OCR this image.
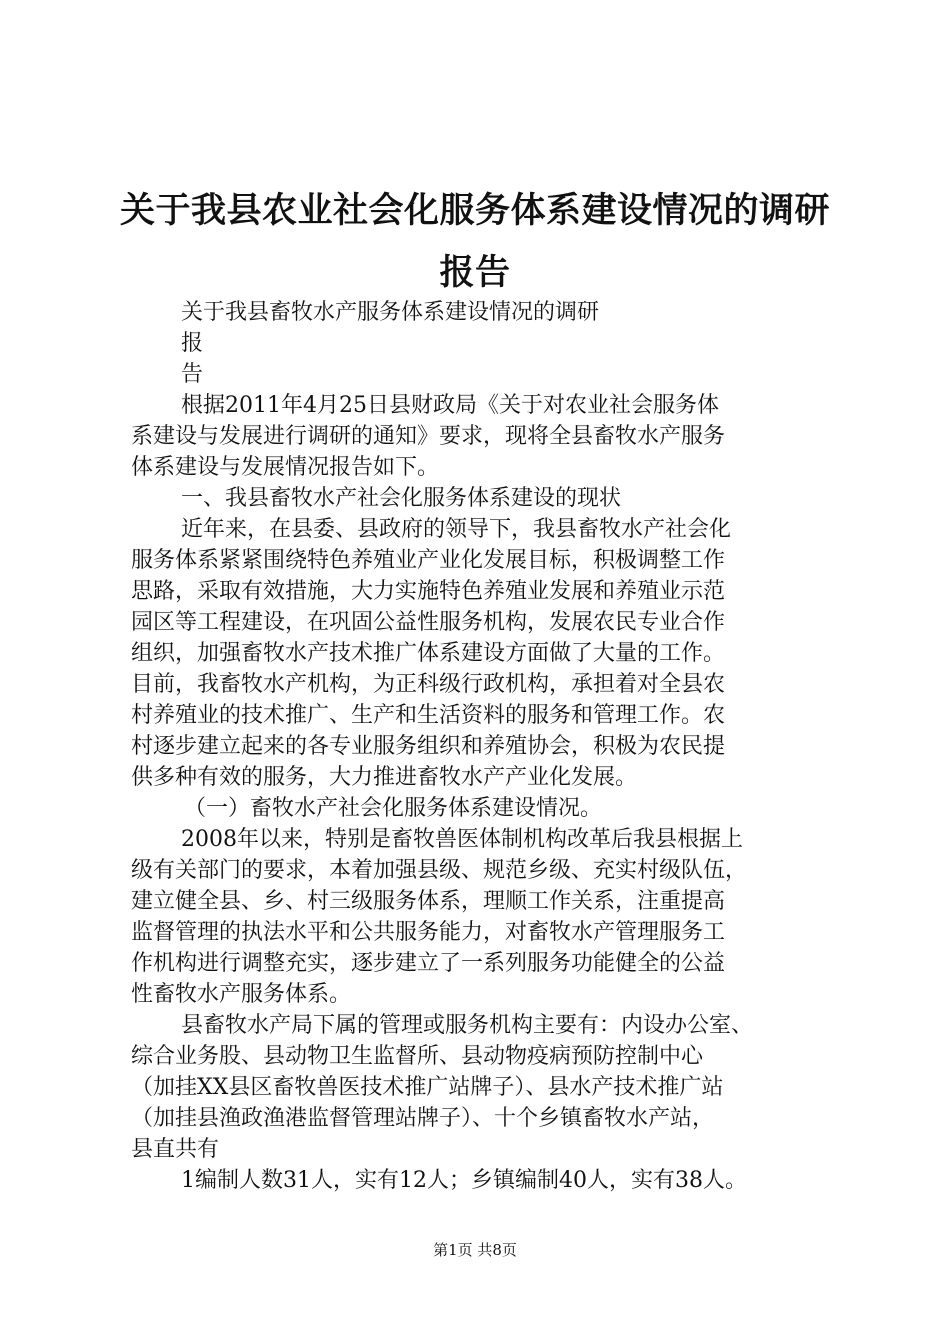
关于我县农业社会化服务体系建设情况的调研
报告
关于我县畜牧水产服务体系建设情况的调研
报
告
根据2011年4月25日县财政局《关于对农业社会服务体
系建设与发展进行调研的通知》要求，现将全县畜牧水产服务
体系建设与发展情况报告如下。
一、我县畜牧水产社会化服务体系建设的现状
近年来，在县委、县政府的领导下，我县畜牧水产社会化
服务体系紧紧围绕特色养殖业产业化发展目标，积极调整工作
思路，采取有效措施，大力实施特色养殖业发展和养殖业示范
园区等工程建设，在巩固公益性服务机构，发展农民专业合作
组织，加强畜牧水产技术推广体系建设方面做了大量的工作。
目前，我畜牧水产机构，为正科级行政机构，承担着对全县农
村养殖业的技术推广、生产和生活资料的服务和管理工作。农
村逐步建立起来的各专业服务组织和养殖协会，积极为农民提
供多种有效的服务，大力推进畜牧水产产业化发展。
（一）畜牧水产社会化服务体系建设情况。
2008年以来，特别是畜牧兽医体制机构改革后我县根据上
级有关部门的要求，本着加强县级、规范乡级、充实村级队伍，
建立健全县、乡、村三级服务体系，理顺工作关系，注重提高
监督管理的执法水平和公共服务能力，对畜牧水产管理服务工
作机构进行调整充实，逐步建立了一系列服务功能健全的公益
性畜牧水产服务体系。
县畜牧水产局下属的管理或服务机构主要有：内设办公室、
综合业务股、县动物卫生监督所、县动物疫病预防控制中心
（加挂XX县区畜牧兽医技术推广站牌子）、县水产技术推广站
（加挂县渔政渔港监督管理站牌子）、十个乡镇畜牧水产站，
县直共有
1编制人数31人，实有12人；乡镇编制40人，实有38人。
第1页 共8页
